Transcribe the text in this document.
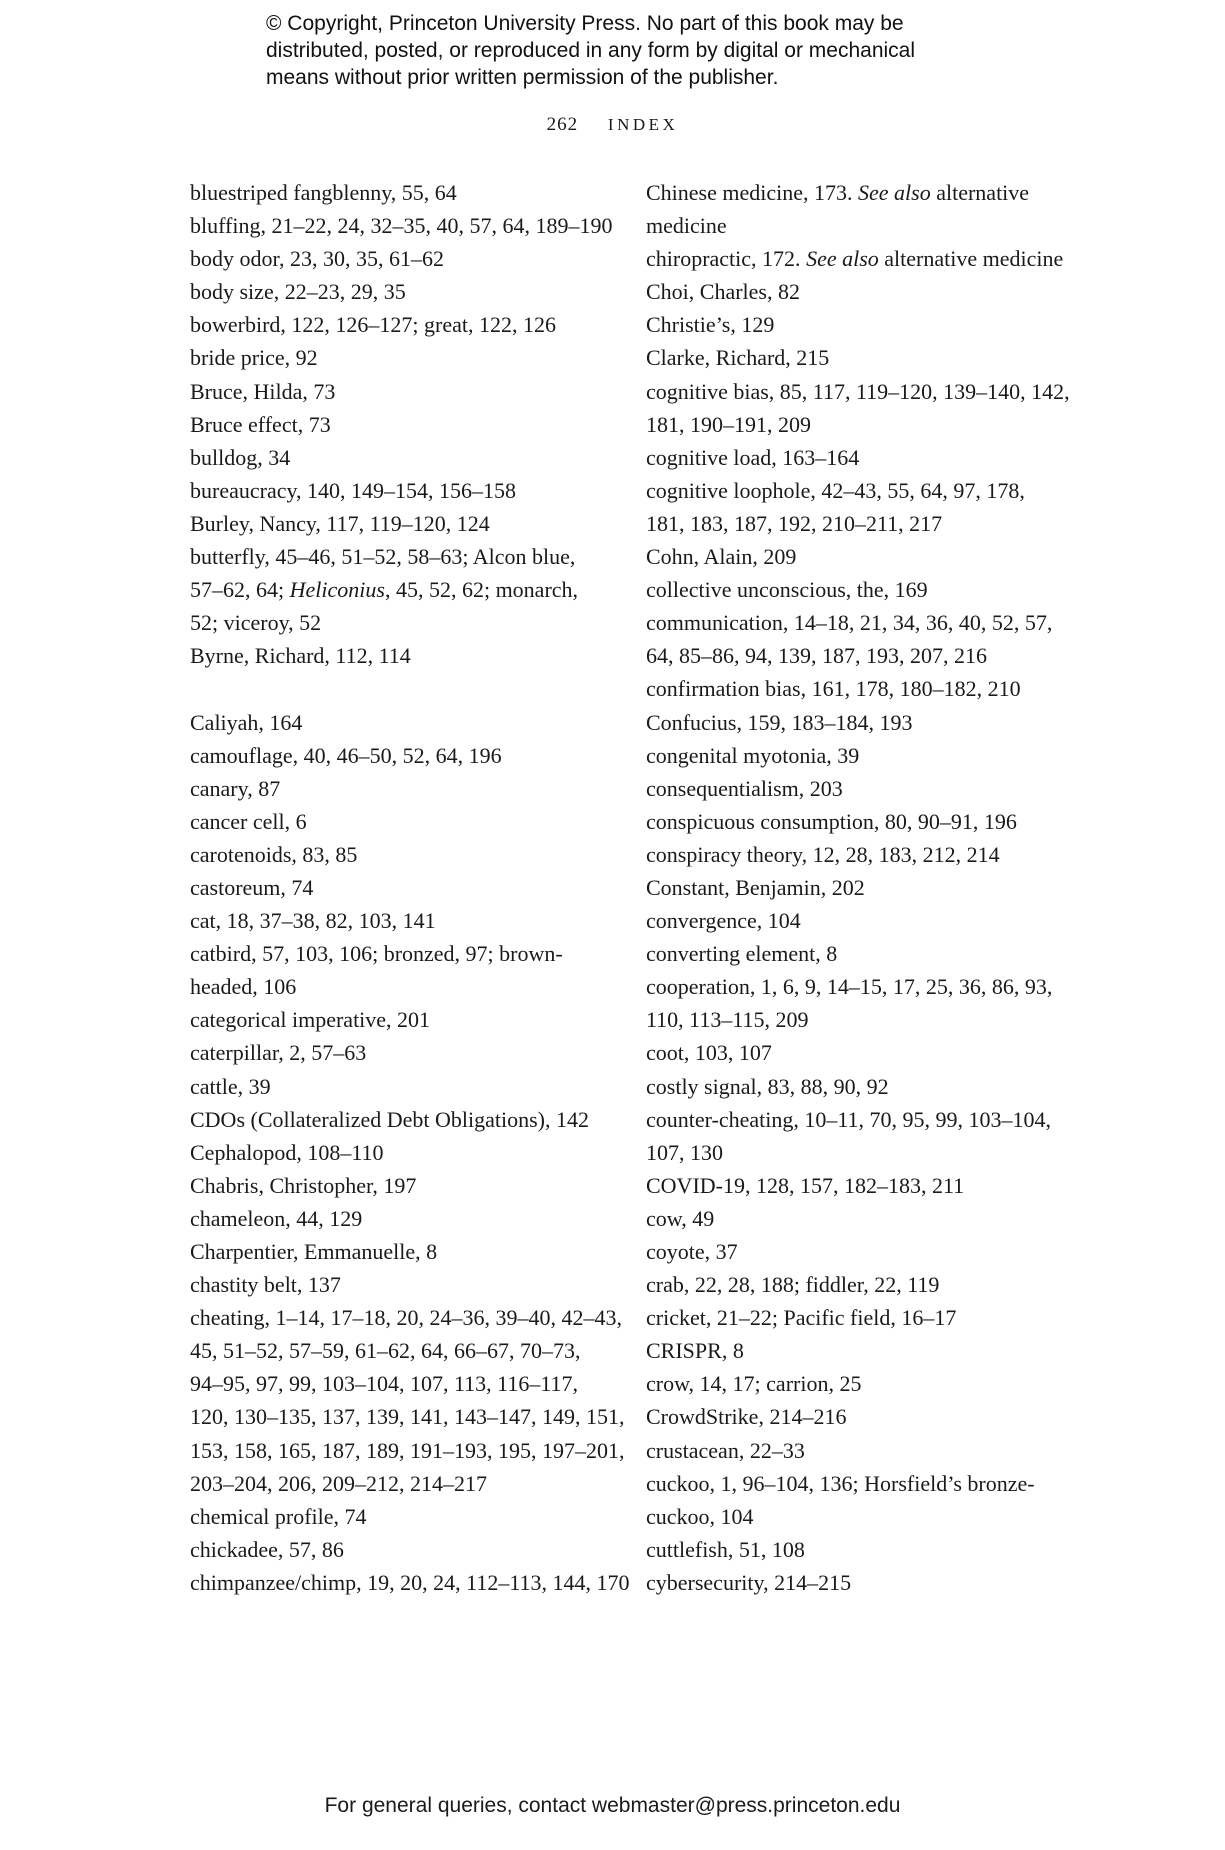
© Copyright, Princeton University Press. No part of this book may be

distributed, posted, or reproduced in any form by digital or mechanical

means without prior written permission of the publisher.

262 INDEX

bluestriped fangblenny, 55, 64

bluffing, 21–22, 24, 32–35, 40, 57, 64, 189–190

body odor, 23, 30, 35, 61–62

body size, 22–23, 29, 35

bowerbird, 122, 126–127; great, 122, 126

bride price, 92

Bruce, Hilda, 73

Bruce effect, 73

bulldog, 34

bureaucracy, 140, 149–154, 156–158

Burley, Nancy, 117, 119–120, 124

butterfly, 45–46, 51–52, 58–63; Alcon blue,
57–62, 64; Heliconius, 45, 52, 62; monarch,
52; viceroy, 52

Byrne, Richard, 112, 114

Caliyah, 164

camouflage, 40, 46–50, 52, 64, 196

canary, 87

cancer cell, 6

carotenoids, 83, 85

castoreum, 74

cat, 18, 37–38, 82, 103, 141

catbird, 57, 103, 106; bronzed, 97; brown-
headed, 106

categorical imperative, 201

caterpillar, 2, 57–63

cattle, 39

CDOs (Collateralized Debt Obligations), 142

Cephalopod, 108–110

Chabris, Christopher, 197

chameleon, 44, 129

Charpentier, Emmanuelle, 8

chastity belt, 137

cheating, 1–14, 17–18, 20, 24–36, 39–40, 42–43,
45, 51–52, 57–59, 61–62, 64, 66–67, 70–73,
94–95, 97, 99, 103–104, 107, 113, 116–117,
120, 130–135, 137, 139, 141, 143–147, 149, 151,
153, 158, 165, 187, 189, 191–193, 195, 197–201,
203–204, 206, 209–212, 214–217

chemical profile, 74

chickadee, 57, 86

chimpanzee/chimp, 19, 20, 24, 112–113, 144, 170

Chinese medicine, 173. See also alternative
medicine

chiropractic, 172. See also alternative medicine

Choi, Charles, 82

Christie’s, 129

Clarke, Richard, 215

cognitive bias, 85, 117, 119–120, 139–140, 142,
181, 190–191, 209

cognitive load, 163–164

cognitive loophole, 42–43, 55, 64, 97, 178,
181, 183, 187, 192, 210–211, 217

Cohn, Alain, 209

collective unconscious, the, 169

communication, 14–18, 21, 34, 36, 40, 52, 57,
64, 85–86, 94, 139, 187, 193, 207, 216

confirmation bias, 161, 178, 180–182, 210

Confucius, 159, 183–184, 193

congenital myotonia, 39

consequentialism, 203

conspicuous consumption, 80, 90–91, 196

conspiracy theory, 12, 28, 183, 212, 214

Constant, Benjamin, 202

convergence, 104

converting element, 8

cooperation, 1, 6, 9, 14–15, 17, 25, 36, 86, 93,
110, 113–115, 209

coot, 103, 107

costly signal, 83, 88, 90, 92

counter-cheating, 10–11, 70, 95, 99, 103–104,
107, 130

COVID-19, 128, 157, 182–183, 211

cow, 49

coyote, 37

crab, 22, 28, 188; fiddler, 22, 119

cricket, 21–22; Pacific field, 16–17

CRISPR, 8

crow, 14, 17; carrion, 25

CrowdStrike, 214–216

crustacean, 22–33

cuckoo, 1, 96–104, 136; Horsfield’s bronze-
cuckoo, 104

cuttlefish, 51, 108

cybersecurity, 214–215

For general queries, contact webmaster@press.princeton.edu
